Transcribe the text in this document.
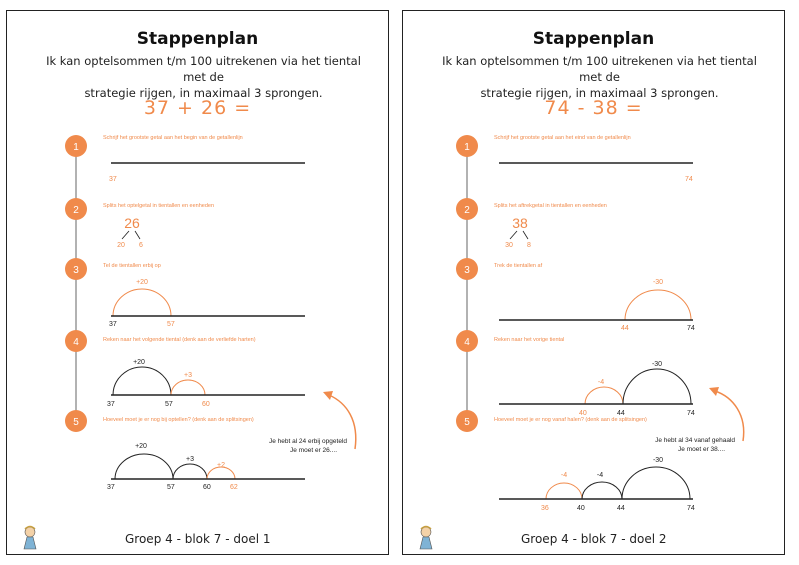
Stappenplan
Ik kan optelsommen t/m 100 uitrekenen via het tiental met de
strategie rijgen, in maximaal 3 sprongen.
37 + 26 =
1
2
3
4
5
Schrijf het grootste getal aan het begin van de getallenlijn
Splits het optelgetal in tientallen en eenheden
Tel de tientallen erbij op
Reken naar het volgende tiental (denk aan de verliefde harten)
Hoeveel moet je er nog bij optellen? (denk aan de splitsingen)
37
26
20 6
+20
37	57
+20
+3
37	57	60
+20
+3
+2
37	57	60	62
Je hebt al 24 erbij opgeteld
Je moet er 26....
Groep 4 - blok 7 - doel 1
Stappenplan
Ik kan optelsommen t/m 100 uitrekenen via het tiental met de
strategie rijgen, in maximaal 3 sprongen.
74 - 38 =
1
2
3
4
5
Schrijf het grootste getal aan het eind van de getallenlijn
Splits het aftrekgetal in tientallen en eenheden
Trek de tientallen af
Reken naar het vorige tiental
Hoeveel moet je er nog vanaf halen? (denk aan de splitsingen)
74
38
30 8
-30
44	74
-4
-30
40	44	74
-4	-4
-30
36	40	44	74
Je hebt al 34 vanaf gehaald
Je moet er 38....
Groep 4 - blok 7 - doel 2
